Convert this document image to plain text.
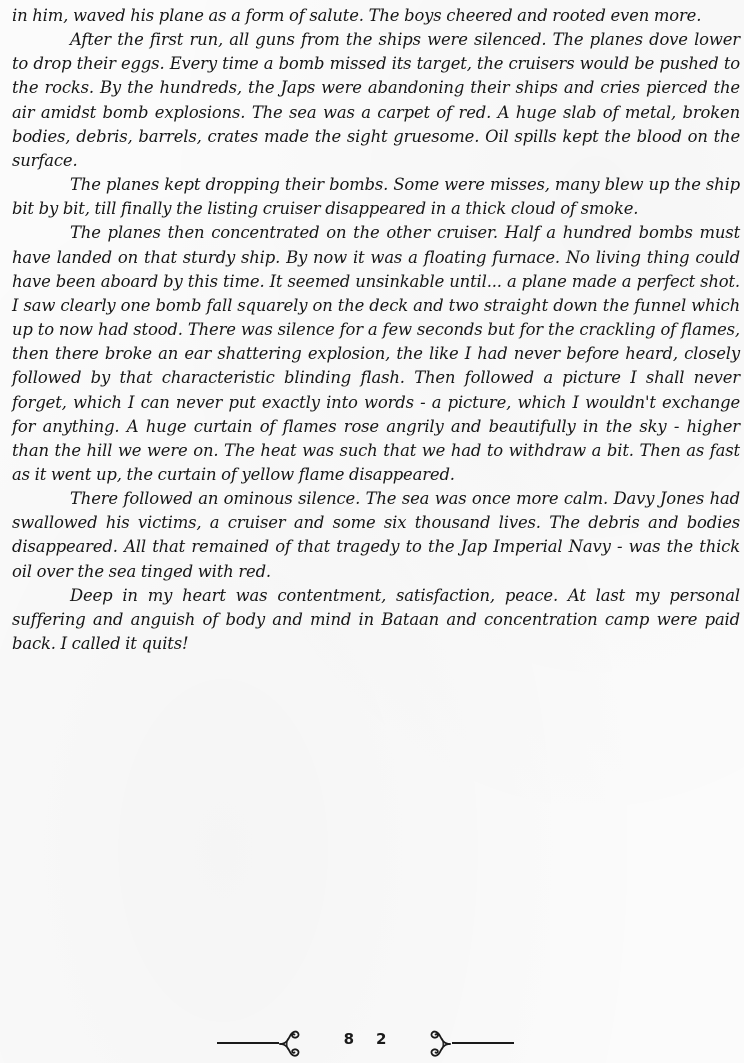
in him, waved his plane as a form of salute. The boys cheered and rooted even more.

After the first run, all guns from the ships were silenced. The planes dove lower to drop their eggs. Every time a bomb missed its target, the cruisers would be pushed to the rocks. By the hundreds, the Japs were abandoning their ships and cries pierced the air amidst bomb explosions. The sea was a carpet of red. A huge slab of metal, broken bodies, debris, barrels, crates made the sight gruesome. Oil spills kept the blood on the surface.

The planes kept dropping their bombs. Some were misses, many blew up the ship bit by bit, till finally the listing cruiser disappeared in a thick cloud of smoke.

The planes then concentrated on the other cruiser. Half a hundred bombs must have landed on that sturdy ship. By now it was a floating furnace. No living thing could have been aboard by this time. It seemed unsinkable until... a plane made a perfect shot. I saw clearly one bomb fall squarely on the deck and two straight down the funnel which up to now had stood. There was silence for a few seconds but for the crackling of flames, then there broke an ear shattering explosion, the like I had never before heard, closely followed by that characteristic blinding flash. Then followed a picture I shall never forget, which I can never put exactly into words - a picture, which I wouldn't exchange for anything. A huge curtain of flames rose angrily and beautifully in the sky - higher than the hill we were on. The heat was such that we had to withdraw a bit. Then as fast as it went up, the curtain of yellow flame disappeared.

There followed an ominous silence. The sea was once more calm. Davy Jones had swallowed his victims, a cruiser and some six thousand lives. The debris and bodies disappeared. All that remained of that tragedy to the Jap Imperial Navy - was the thick oil over the sea tinged with red.

Deep in my heart was contentment, satisfaction, peace. At last my personal suffering and anguish of body and mind in Bataan and concentration camp were paid back. I called it quits!

82
